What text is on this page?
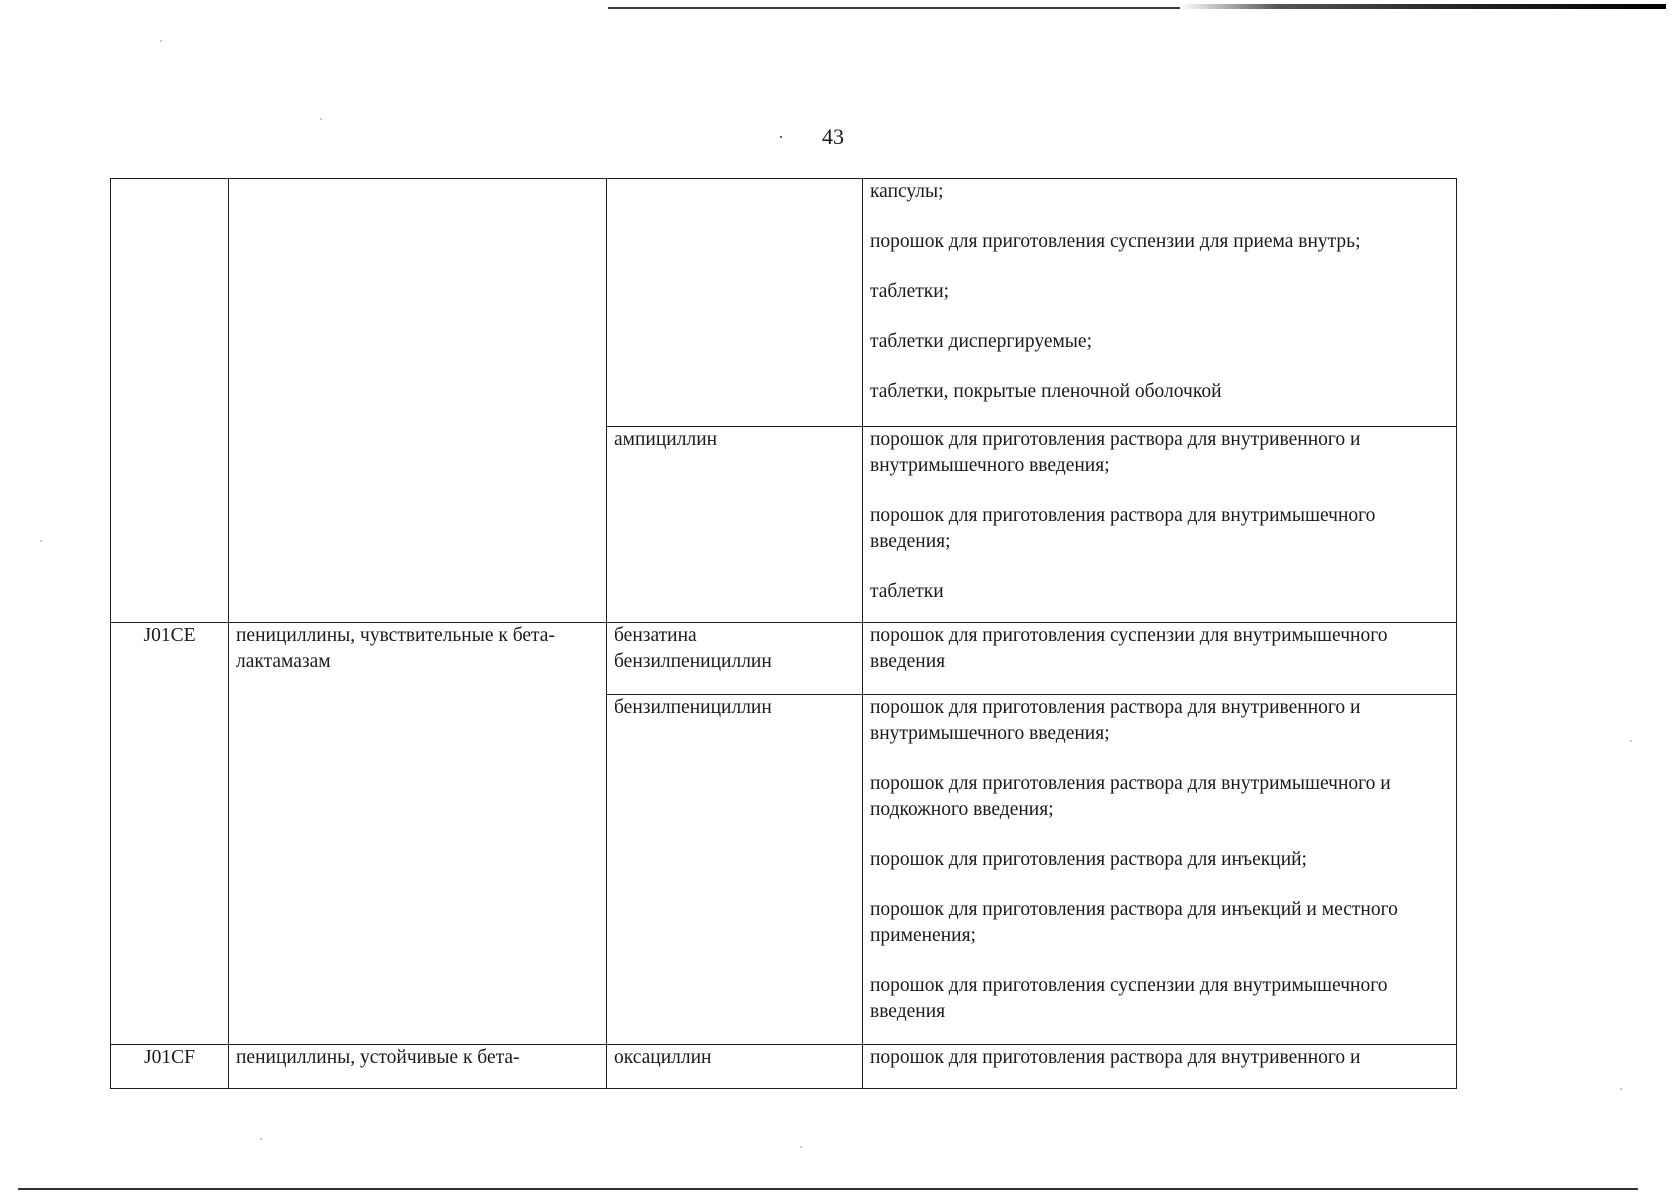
43

			капсулы;
порошок для приготовления суспензии для приема внутрь;
таблетки;
таблетки диспергируемые;
таблетки, покрытые пленочной оболочкой

		ампициллин	порошок для приготовления раствора для внутривенного и внутримышечного введения;
порошок для приготовления раствора для внутримышечного введения;
таблетки

J01CE	пенициллины, чувствительные к бета-лактамазам	бензатина бензилпенициллин	порошок для приготовления суспензии для внутримышечного введения

		бензилпенициллин	порошок для приготовления раствора для внутривенного и внутримышечного введения;
порошок для приготовления раствора для внутримышечного и подкожного введения;
порошок для приготовления раствора для инъекций;
порошок для приготовления раствора для инъекций и местного применения;
порошок для приготовления суспензии для внутримышечного введения

J01CF	пенициллины, устойчивые к бета-	оксациллин	порошок для приготовления раствора для внутривенного и
